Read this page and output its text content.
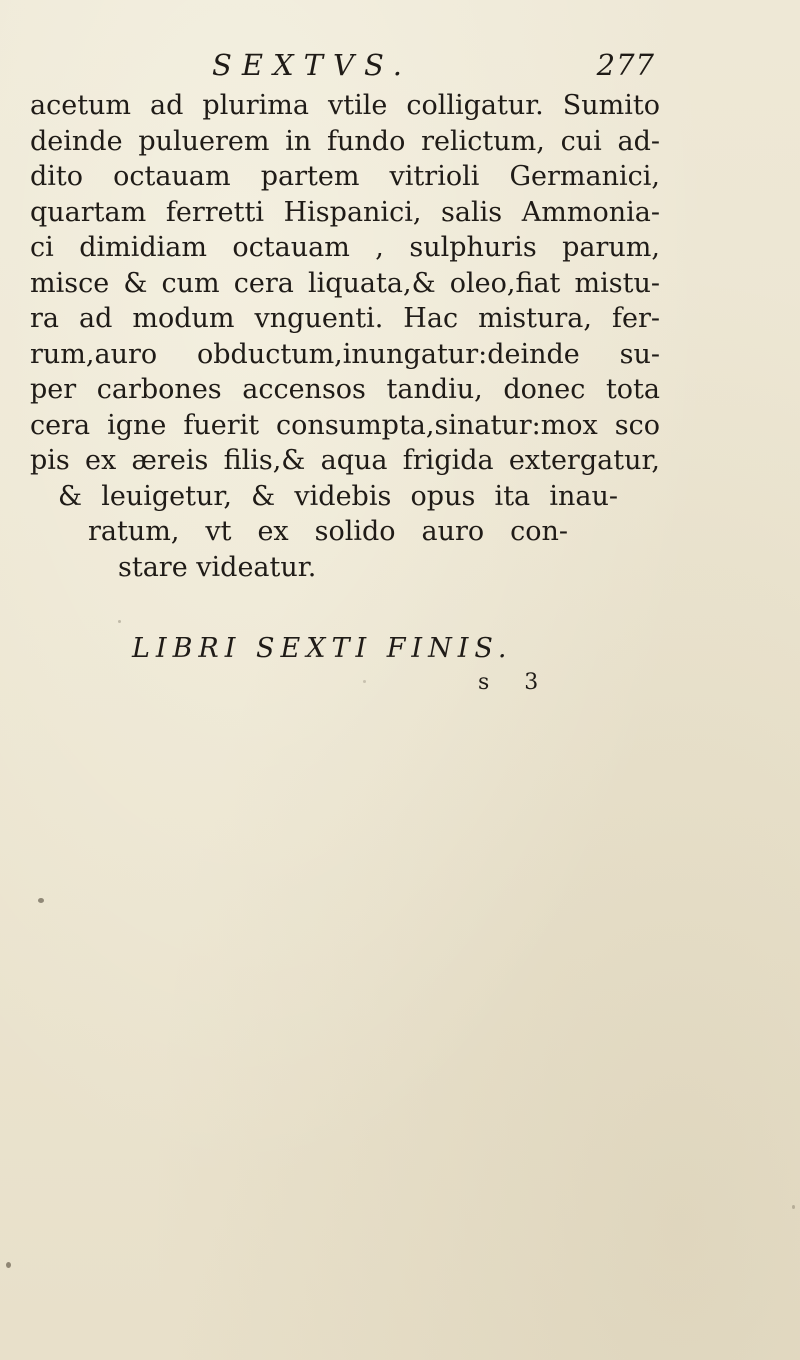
SEXTVS.	277
acetum ad plurima vtile colligatur. Sumito
deinde puluerem in fundo relictum, cui ad-
dito octauam partem vitrioli Germanici,
quartam ferretti Hispanici, salis Ammonia-
ci dimidiam octauam , sulphuris parum,
misce & cum cera liquata,& oleo,fiat mistu-
ra ad modum vnguenti. Hac mistura, fer-
rum,auro obductum,inungatur:deinde su-
per carbones accensos tandiu, donec tota
cera igne fuerit consumpta,sinatur:mox sco
pis ex æreis filis,& aqua frigida extergatur,
& leuigetur, & videbis opus ita inau-
ratum, vt ex solido auro con-
stare videatur.
LIBRI SEXTI FINIS.
s 3
